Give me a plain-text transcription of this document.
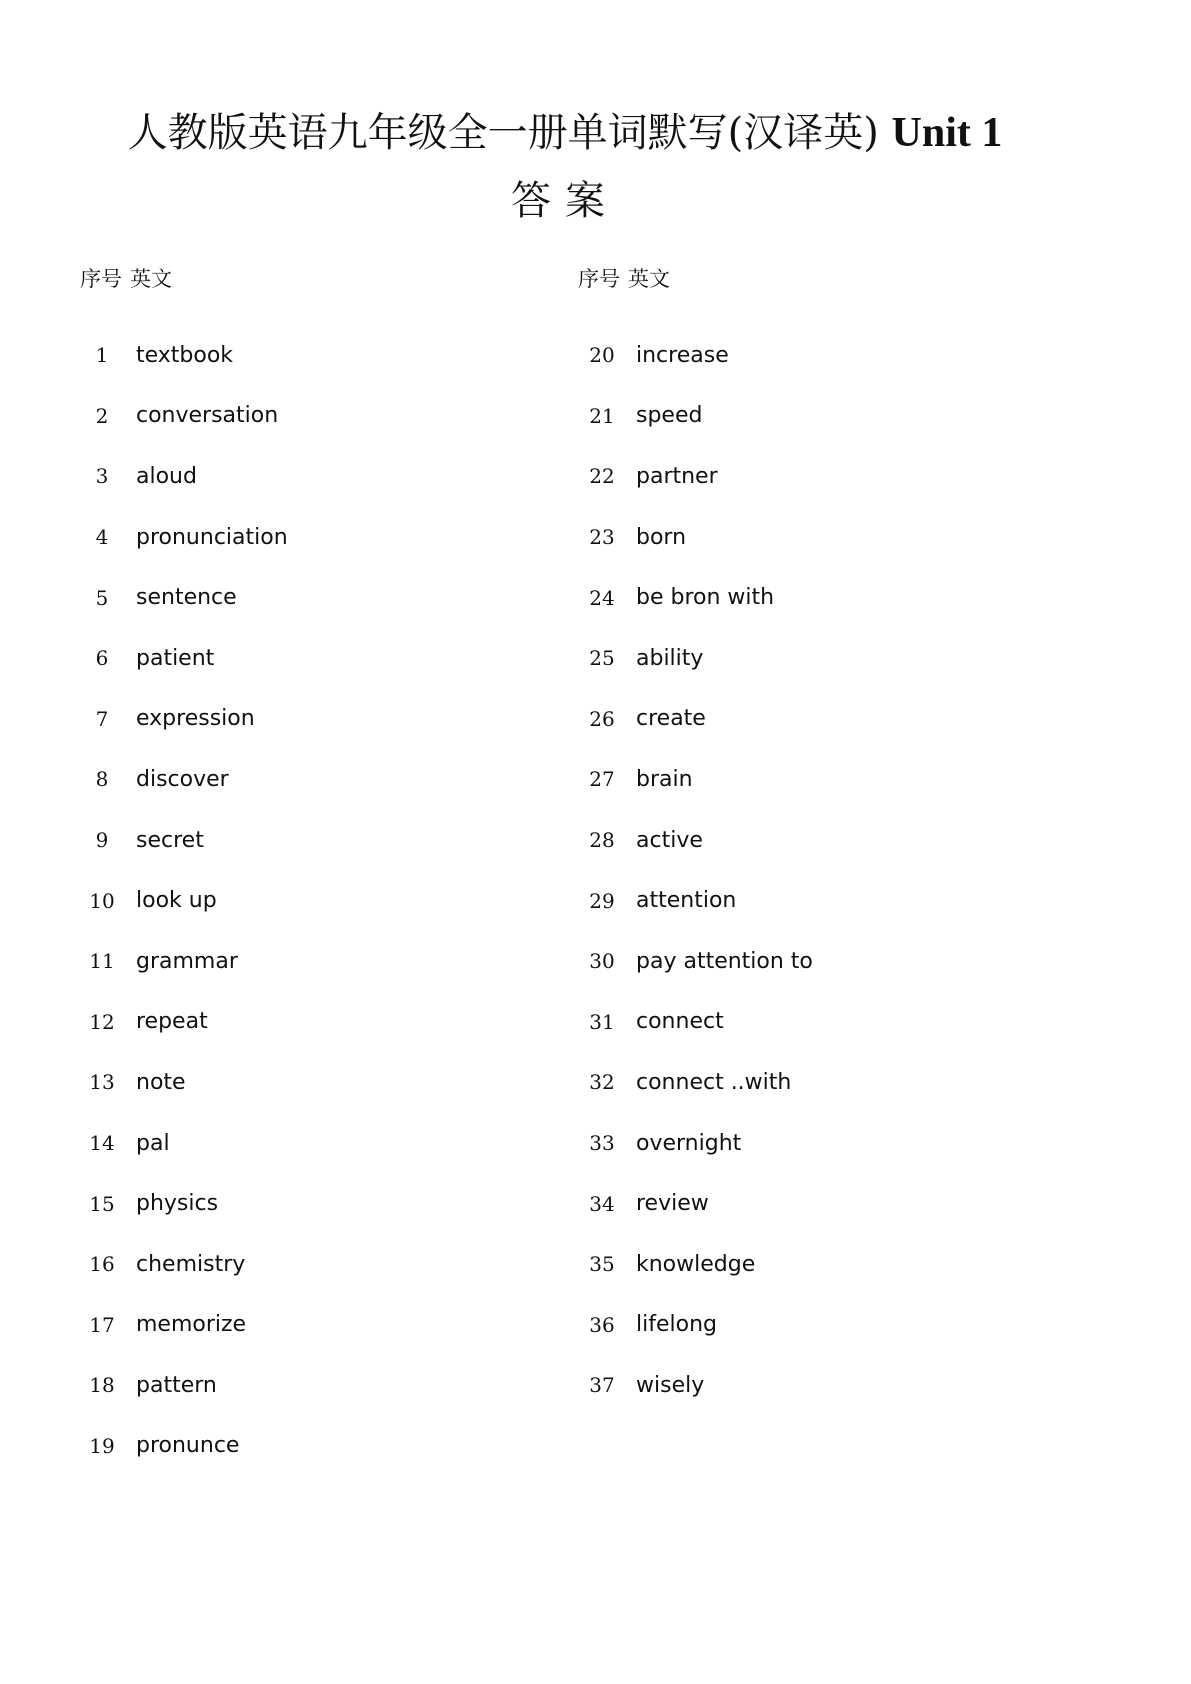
人教版英语九年级全一册单词默写(汉译英) Unit 1
答案
序号 英文	序号 英文
1	textbook
2	conversation
3	aloud
4	pronunciation
5	sentence
6	patient
7	expression
8	discover
9	secret
10 look up
11 grammar
12 repeat
13 note
14 pal
15 physics
16 chemistry
17 memorize
18 pattern
19 pronunce
20 increase
21 speed
22 partner
23 born
24 be bron with
25 ability
26 create
27 brain
28 active
29 attention
30 pay attention to
31 connect
32 connect ..with
33 overnight
34 review
35 knowledge
36 lifelong
37 wisely
